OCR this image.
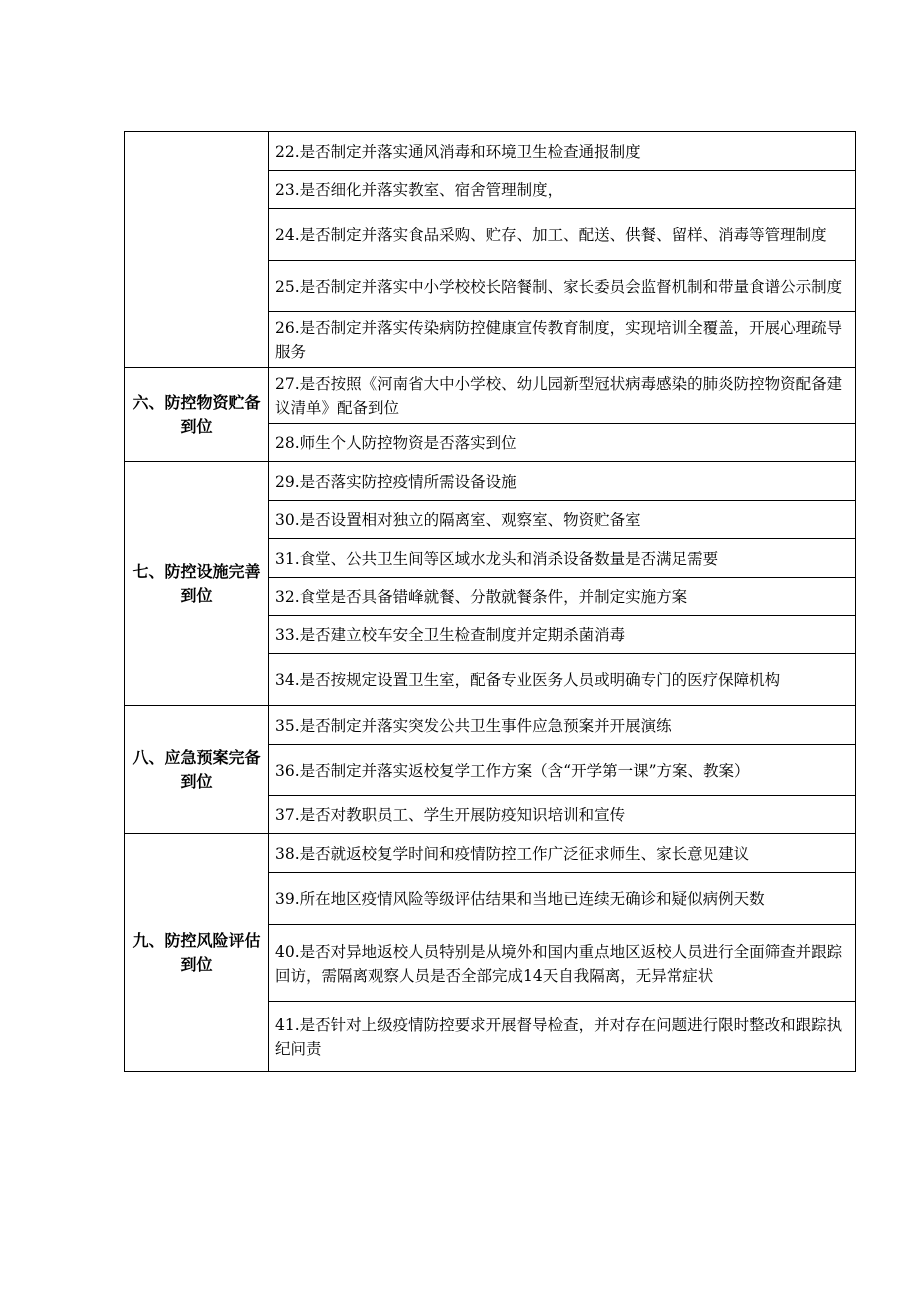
	22.是否制定并落实通风消毒和环境卫生检查通报制度

	23.是否细化并落实教室、宿舍管理制度，

	24.是否制定并落实食品采购、贮存、加工、配送、供餐、留样、消毒等管理制度

	25.是否制定并落实中小学校校长陪餐制、家长委员会监督机制和带量食谱公示制度

	26.是否制定并落实传染病防控健康宣传教育制度，实现培训全覆盖，开展心理疏导服务

六、防控物资贮备到位	27.是否按照《河南省大中小学校、幼儿园新型冠状病毒感染的肺炎防控物资配备建议清单》配备到位

	28.师生个人防控物资是否落实到位

七、防控设施完善到位	29.是否落实防控疫情所需设备设施

	30.是否设置相对独立的隔离室、观察室、物资贮备室

	31.食堂、公共卫生间等区域水龙头和消杀设备数量是否满足需要

	32.食堂是否具备错峰就餐、分散就餐条件，并制定实施方案

	33.是否建立校车安全卫生检查制度并定期杀菌消毒

	34.是否按规定设置卫生室，配备专业医务人员或明确专门的医疗保障机构

八、应急预案完备到位	35.是否制定并落实突发公共卫生事件应急预案并开展演练

	36.是否制定并落实返校复学工作方案（含“开学第一课”方案、教案）

	37.是否对教职员工、学生开展防疫知识培训和宣传

九、防控风险评估到位	38.是否就返校复学时间和疫情防控工作广泛征求师生、家长意见建议

	39.所在地区疫情风险等级评估结果和当地已连续无确诊和疑似病例天数

	40.是否对异地返校人员特别是从境外和国内重点地区返校人员进行全面筛查并跟踪回访，需隔离观察人员是否全部完成14天自我隔离，无异常症状

	41.是否针对上级疫情防控要求开展督导检查，并对存在问题进行限时整改和跟踪执纪问责
